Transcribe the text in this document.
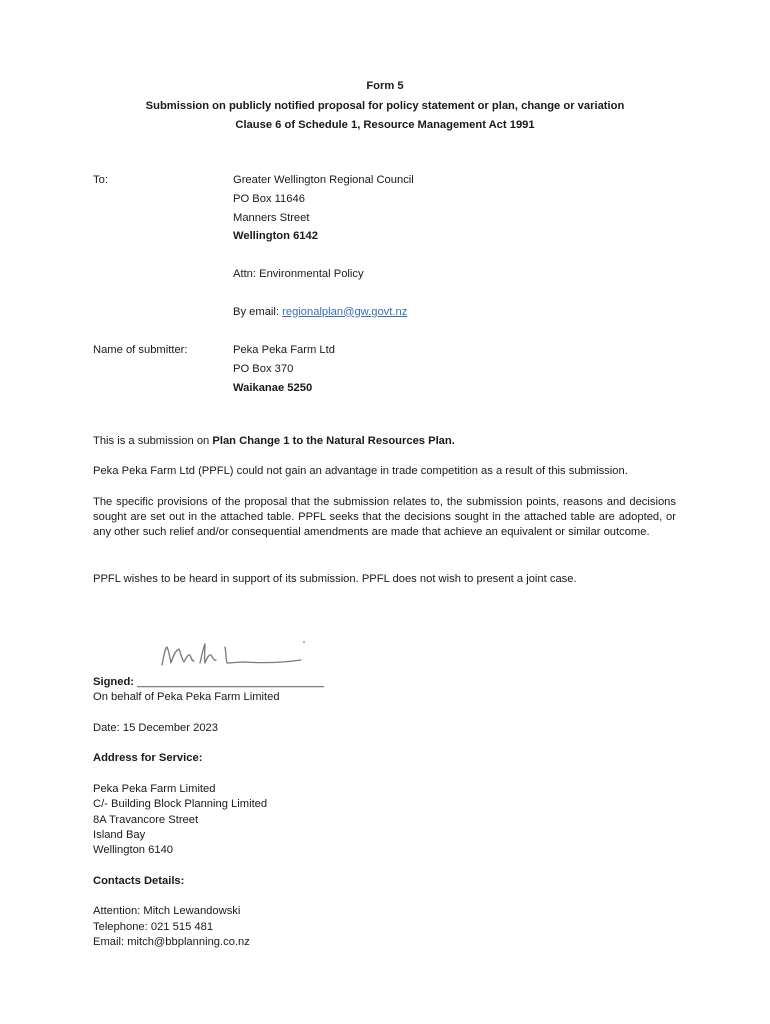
Form 5
Submission on publicly notified proposal for policy statement or plan, change or variation
Clause 6 of Schedule 1, Resource Management Act 1991
To:	Greater Wellington Regional Council
PO Box 11646
Manners Street
Wellington 6142
Attn: Environmental Policy
By email: regionalplan@gw.govt.nz
Name of submitter:	Peka Peka Farm Ltd
PO Box 370
Waikanae 5250
This is a submission on Plan Change 1 to the Natural Resources Plan.
Peka Peka Farm Ltd (PPFL) could not gain an advantage in trade competition as a result of this submission.
The specific provisions of the proposal that the submission relates to, the submission points, reasons and decisions sought are set out in the attached table. PPFL seeks that the decisions sought in the attached table are adopted, or any other such relief and/or consequential amendments are made that achieve an equivalent or similar outcome.
PPFL wishes to be heard in support of its submission. PPFL does not wish to present a joint case.
Signed: ______________________________
On behalf of Peka Peka Farm Limited
Date: 15 December 2023
Address for Service:
Peka Peka Farm Limited
C/- Building Block Planning Limited
8A Travancore Street
Island Bay
Wellington 6140
Contacts Details:
Attention: Mitch Lewandowski
Telephone: 021 515 481
Email: mitch@bbplanning.co.nz
